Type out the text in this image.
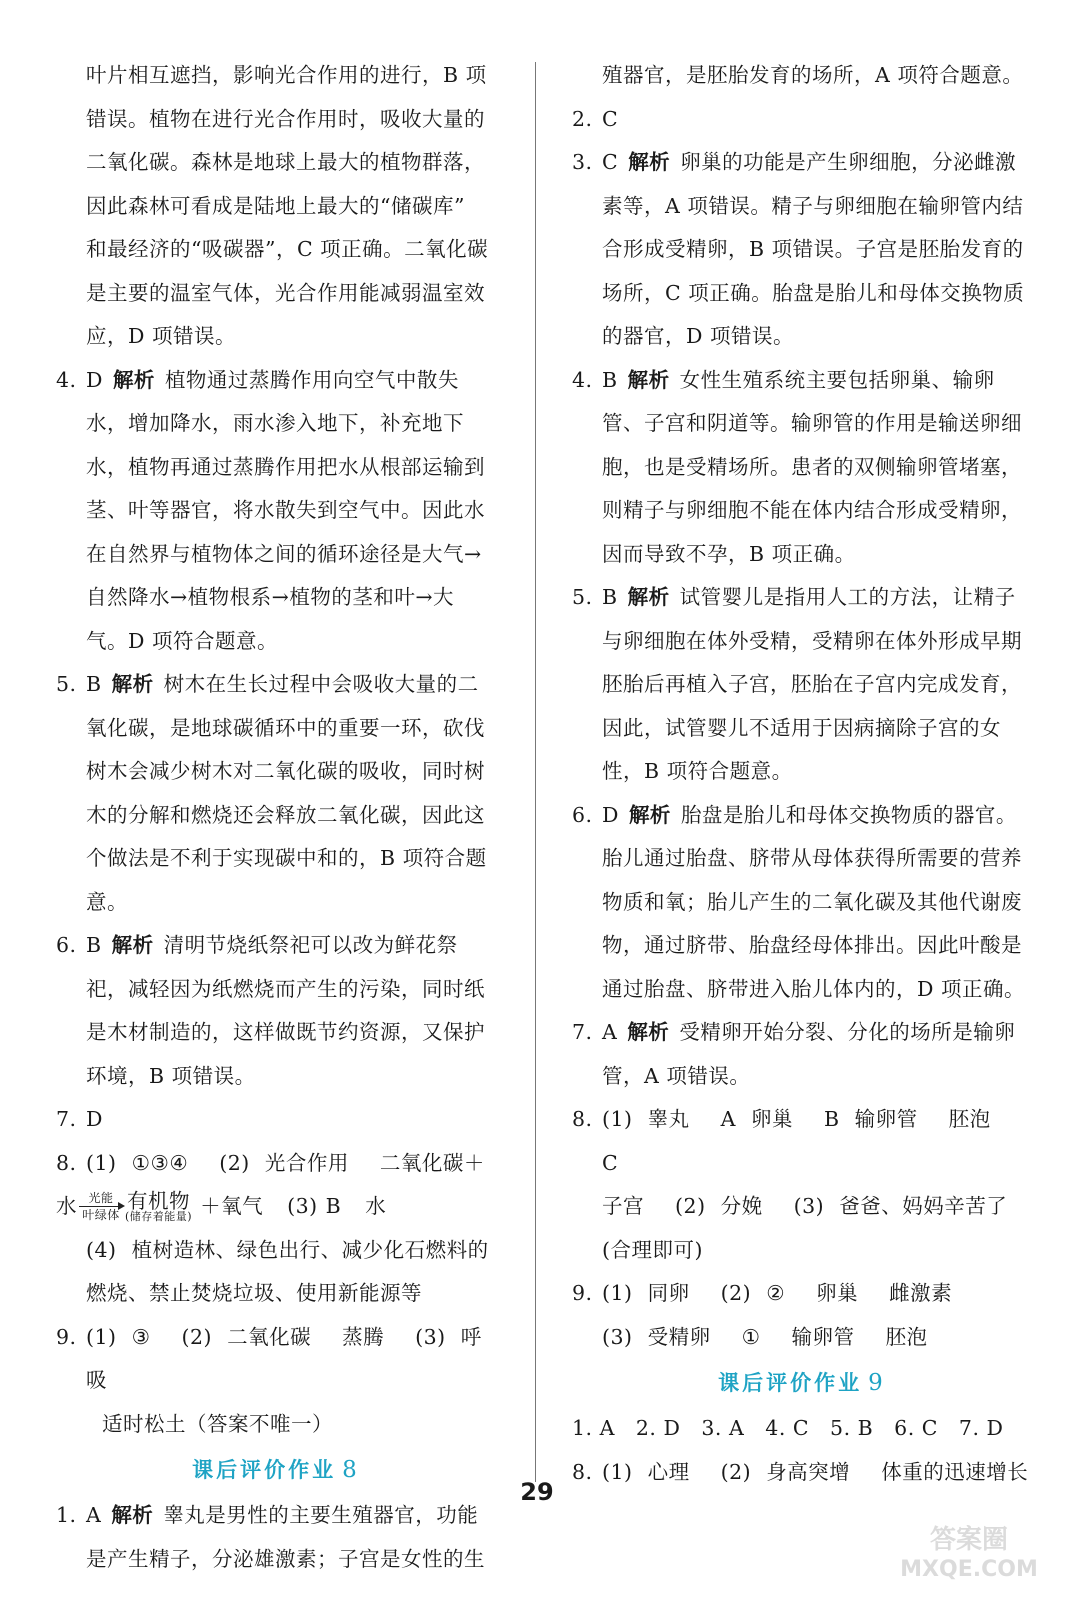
叶片相互遮挡，影响光合作用的进行，B 项
错误。植物在进行光合作用时，吸收大量的
二氧化碳。森林是地球上最大的植物群落，
因此森林可看成是陆地上最大的“储碳库”
和最经济的“吸碳器”，C 项正确。二氧化碳
是主要的温室气体，光合作用能减弱温室效
应，D 项错误。
4. D 解析 植物通过蒸腾作用向空气中散失水，增加降水，雨水渗入地下，补充地下水，植物再通过蒸腾作用把水从根部运输到茎、叶等器官，将水散失到空气中。因此水在自然界与植物体之间的循环途径是大气→自然降水→植物根系→植物的茎和叶→大气。D 项符合题意。
5. B 解析 树木在生长过程中会吸收大量的二氧化碳，是地球碳循环中的重要一环，砍伐树木会减少树木对二氧化碳的吸收，同时树木的分解和燃烧还会释放二氧化碳，因此这个做法是不利于实现碳中和的，B 项符合题意。
6. B 解析 清明节烧纸祭祀可以改为鲜花祭祀，减轻因为纸燃烧而产生的污染，同时纸是木材制造的，这样做既节约资源，又保护环境，B 项错误。
7. D
8. (1) ①③④ (2) 光合作用 二氧化碳＋
水 光能
叶绿体
有机物
(储存着能量) ＋氧气 (3) B 水
(4) 植树造林、绿色出行、减少化石燃料的燃烧、禁止焚烧垃圾、使用新能源等
9. (1) ③ (2) 二氧化碳 蒸腾 (3) 呼吸
适时松土（答案不唯一）
课后评价作业 8
1. A 解析 睾丸是男性的主要生殖器官，功能是产生精子，分泌雄激素；子宫是女性的生
殖器官，是胚胎发育的场所，A 项符合题意。
2. C
3. C 解析 卵巢的功能是产生卵细胞，分泌雌激素等，A 项错误。精子与卵细胞在输卵管内结合形成受精卵，B 项错误。子宫是胚胎发育的场所，C 项正确。胎盘是胎儿和母体交换物质的器官，D 项错误。
4. B 解析 女性生殖系统主要包括卵巢、输卵管、子宫和阴道等。输卵管的作用是输送卵细胞，也是受精场所。患者的双侧输卵管堵塞，则精子与卵细胞不能在体内结合形成受精卵，因而导致不孕，B 项正确。
5. B 解析 试管婴儿是指用人工的方法，让精子与卵细胞在体外受精，受精卵在体外形成早期胚胎后再植入子宫，胚胎在子宫内完成发育，因此，试管婴儿不适用于因病摘除子宫的女性，B 项符合题意。
6. D 解析 胎盘是胎儿和母体交换物质的器官。胎儿通过胎盘、脐带从母体获得所需要的营养物质和氧；胎儿产生的二氧化碳及其他代谢废物，通过脐带、胎盘经母体排出。因此叶酸是通过胎盘、脐带进入胎儿体内的，D 项正确。
7. A 解析 受精卵开始分裂、分化的场所是输卵管，A 项错误。
8. (1) 睾丸 A 卵巢 B 输卵管 胚泡 C
子宫 (2) 分娩 (3) 爸爸、妈妈辛苦了
(合理即可)
9. (1) 同卵 (2) ② 卵巢 雌激素
(3) 受精卵 ① 输卵管 胚泡
课后评价作业 9
1. A　2. D　3. A　4. C　5. B　6. C　7. D
8. (1) 心理 (2) 身高突增 体重的迅速增长
29
答案圈
MXQE.COM
